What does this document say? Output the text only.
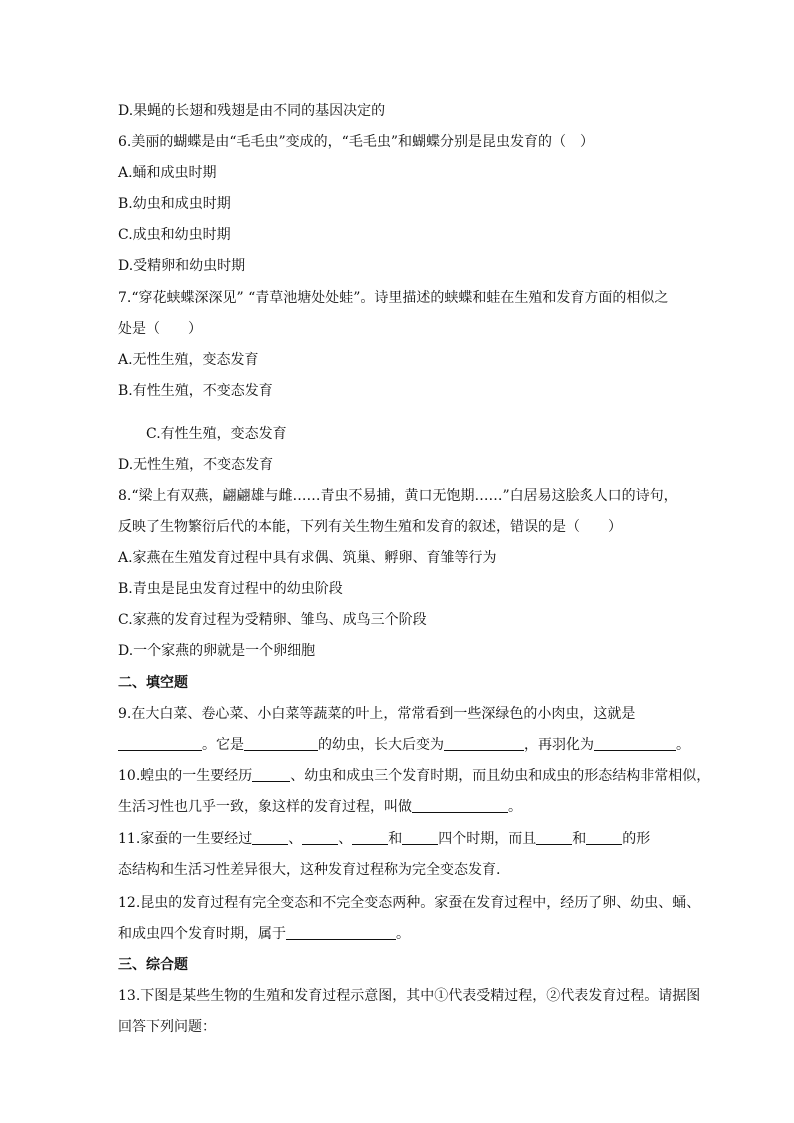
D.果蝇的长翅和残翅是由不同的基因决定的
6.美丽的蝴蝶是由“毛毛虫”变成的，“毛毛虫”和蝴蝶分别是昆虫发育的（　）
A.蛹和成虫时期
B.幼虫和成虫时期
C.成虫和幼虫时期
D.受精卵和幼虫时期
7.“穿花蛱蝶深深见” “青草池塘处处蛙”。诗里描述的蛱蝶和蛙在生殖和发育方面的相似之
处是（　　）
A.无性生殖，变态发育
B.有性生殖，不变态发育
C.有性生殖，变态发育
D.无性生殖，不变态发育
8.“梁上有双燕，翩翩雄与雌……青虫不易捕，黄口无饱期……”白居易这脍炙人口的诗句，
反映了生物繁衍后代的本能，下列有关生物生殖和发育的叙述，错误的是（　　）
A.家燕在生殖发育过程中具有求偶、筑巢、孵卵、育雏等行为
B.青虫是昆虫发育过程中的幼虫阶段
C.家燕的发育过程为受精卵、雏鸟、成鸟三个阶段
D.一个家燕的卵就是一个卵细胞
二、填空题
9.在大白菜、卷心菜、小白菜等蔬菜的叶上，常常看到一些深绿色的小肉虫，这就是
。它是	的幼虫，长大后变为	，再羽化为	。
10.蝗虫的一生要经历	、幼虫和成虫三个发育时期，而且幼虫和成虫的形态结构非常相似，
生活习性也几乎一致，象这样的发育过程，叫做	。
11.家蚕的一生要经过	、	、	和	四个时期，而且	和	的形
态结构和生活习性差异很大，这种发育过程称为完全变态发育.
12.昆虫的发育过程有完全变态和不完全变态两种。家蚕在发育过程中，经历了卵、幼虫、蛹、
和成虫四个发育时期，属于	。
三、综合题
13.下图是某些生物的生殖和发育过程示意图，其中①代表受精过程，②代表发育过程。请据图
回答下列问题：
